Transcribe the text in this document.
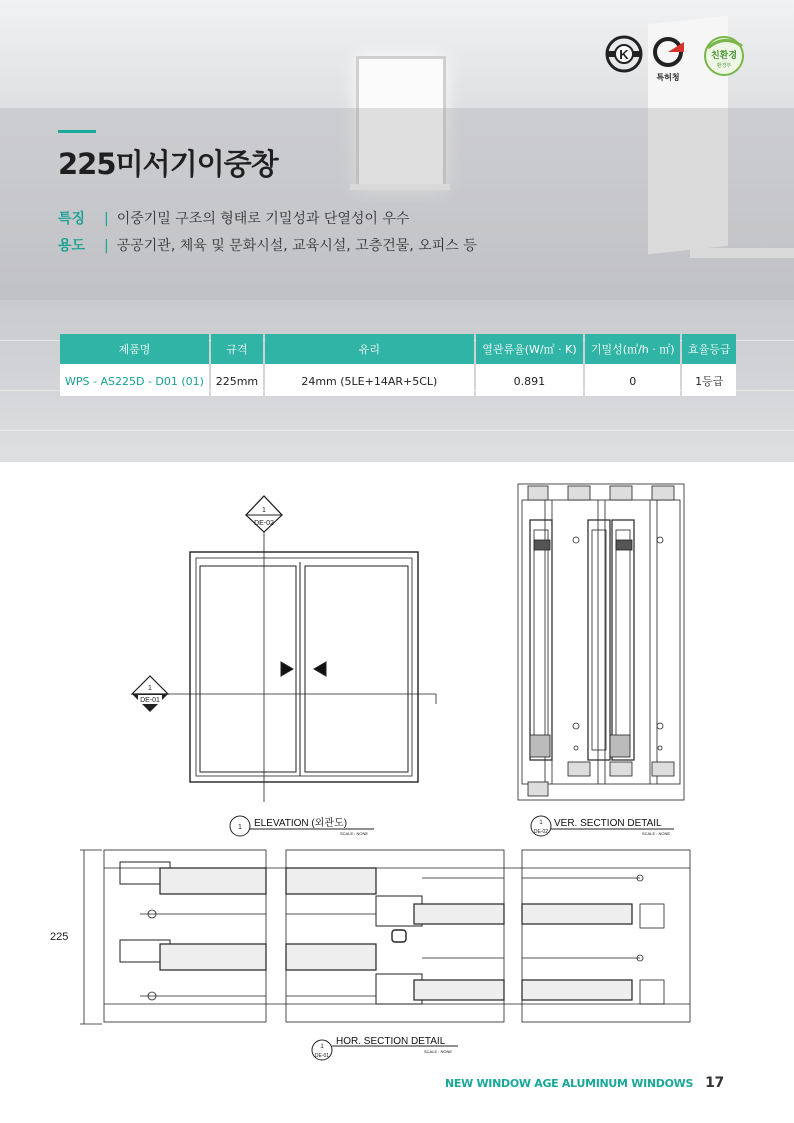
K
특허청
친환경
환경부
225미서기이중창
특징 | 이중기밀 구조의 형태로 기밀성과 단열성이 우수
용도 | 공공기관, 체육 및 문화시설, 교육시설, 고층건물, 오피스 등
제품명	규격	유리	열관류율(W/㎡ · K)	기밀성(㎥/h · ㎡)	효율등급
WPS - AS225D - D01 (01)	225mm	24mm (5LE+14AR+5CL)	0.891	0	1등급
1
DE-02
1
DE-01
1 ELEVATION (외관도)
SCALE : NONE
1
DE-02
VER. SECTION DETAIL
SCALE : NONE
225
1
DE-01
HOR. SECTION DETAIL
SCALE : NONE
NEW WINDOW AGE ALUMINUM WINDOWS 17
